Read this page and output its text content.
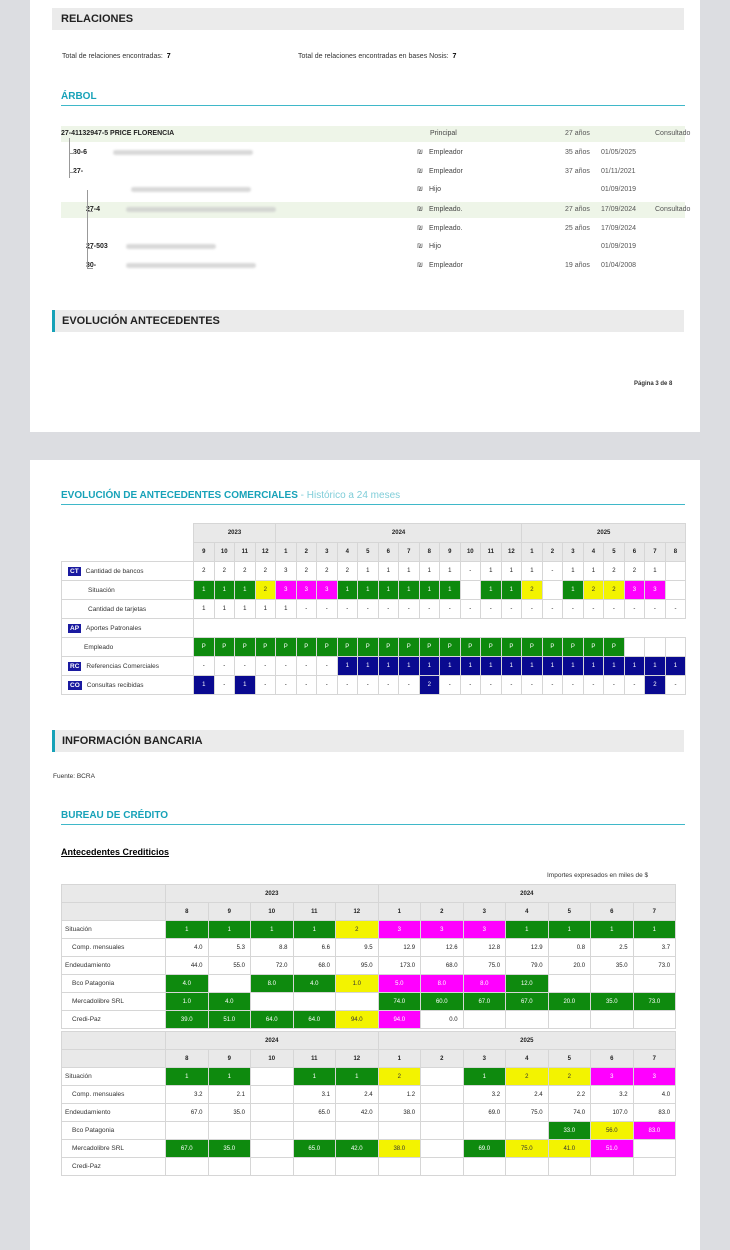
RELACIONES
Total de relaciones encontradas: 7	Total de relaciones encontradas en bases Nosis: 7
ÁRBOL
27-41132947-5 PRICE FLORENCIA	Principal	27 años	Consultado
30-6	₪ Empleador	35 años 01/05/2025
27-	₪ Empleador	37 años 01/11/2021
₪ Hijo	01/09/2019
27-4	₪ Empleado.	27 años 17/09/2024	Consultado
₪ Empleado.	25 años 17/09/2024
27-503	₪ Hijo	01/09/2019
30-	₪ Empleador	19 años 01/04/2008
EVOLUCIÓN ANTECEDENTES
Página 3 de 8
EVOLUCIÓN DE ANTECEDENTES COMERCIALES - Histórico a 24 meses
	2023				2024												2025							
	9	10	11	12	1	2	3	4	5	6	7	8	9	10	11	12	1	2	3	4	5	6	7	8
CT Cantidad de bancos	2	2	2	2	3	2	2	2	1	1	1	1	1	-	1	1	1	-	1	1	2	2	1	
Situación	1	1	1	2	3	3	3	1	1	1	1	1	1		1	1	2		1	2	2	3	3	
Cantidad de tarjetas	1	1	1	1	1	-	-	-	-	-	-	-	-	-	-	-	-	-	-	-	-	-	-	-
AP Aportes Patronales																								
Empleado	P	P	P	P	P	P	P	P	P	P	P	P	P	P	P	P	P	P	P	P	P			
RC Referencias Comerciales	-	-	-	-	-	-	-	1	1	1	1	1	1	1	1	1	1	1	1	1	1	1	1	1
CO Consultas recibidas	1	-	1	-	-	-	-	-	-	-	-	2	-	-	-	-	-	-	-	-	-	-	2	-
INFORMACIÓN BANCARIA
Fuente: BCRA
BUREAU DE CRÉDITO
Antecedentes Crediticios
Importes expresados en miles de $
	2023					2024						
	8	9	10	11	12	1	2	3	4	5	6	7
Situación	1	1	1	1	2	3	3	3	1	1	1	1
Comp. mensuales	4.0	5.3	8.8	6.6	9.5	12.9	12.6	12.8	12.9	0.8	2.5	3.7
Endeudamiento	44.0	55.0	72.0	68.0	95.0	173.0	68.0	75.0	79.0	20.0	35.0	73.0
Bco Patagonia	4.0		8.0	4.0	1.0	5.0	8.0	8.0	12.0			
Mercadolibre SRL	1.0	4.0				74.0	60.0	67.0	67.0	20.0	35.0	73.0
Credi-Paz	39.0	51.0	64.0	64.0	94.0	94.0	0.0					
	2024					2025						
	8	9	10	11	12	1	2	3	4	5	6	7
Situación	1	1		1	1	2		1	2	2	3	3
Comp. mensuales	3.2	2.1		3.1	2.4	1.2		3.2	2.4	2.2	3.2	4.0
Endeudamiento	67.0	35.0		65.0	42.0	38.0		69.0	75.0	74.0	107.0	83.0
Bco Patagonia										33.0	56.0	83.0
Mercadolibre SRL	67.0	35.0		65.0	42.0	38.0		69.0	75.0	41.0	51.0	
Credi-Paz												
